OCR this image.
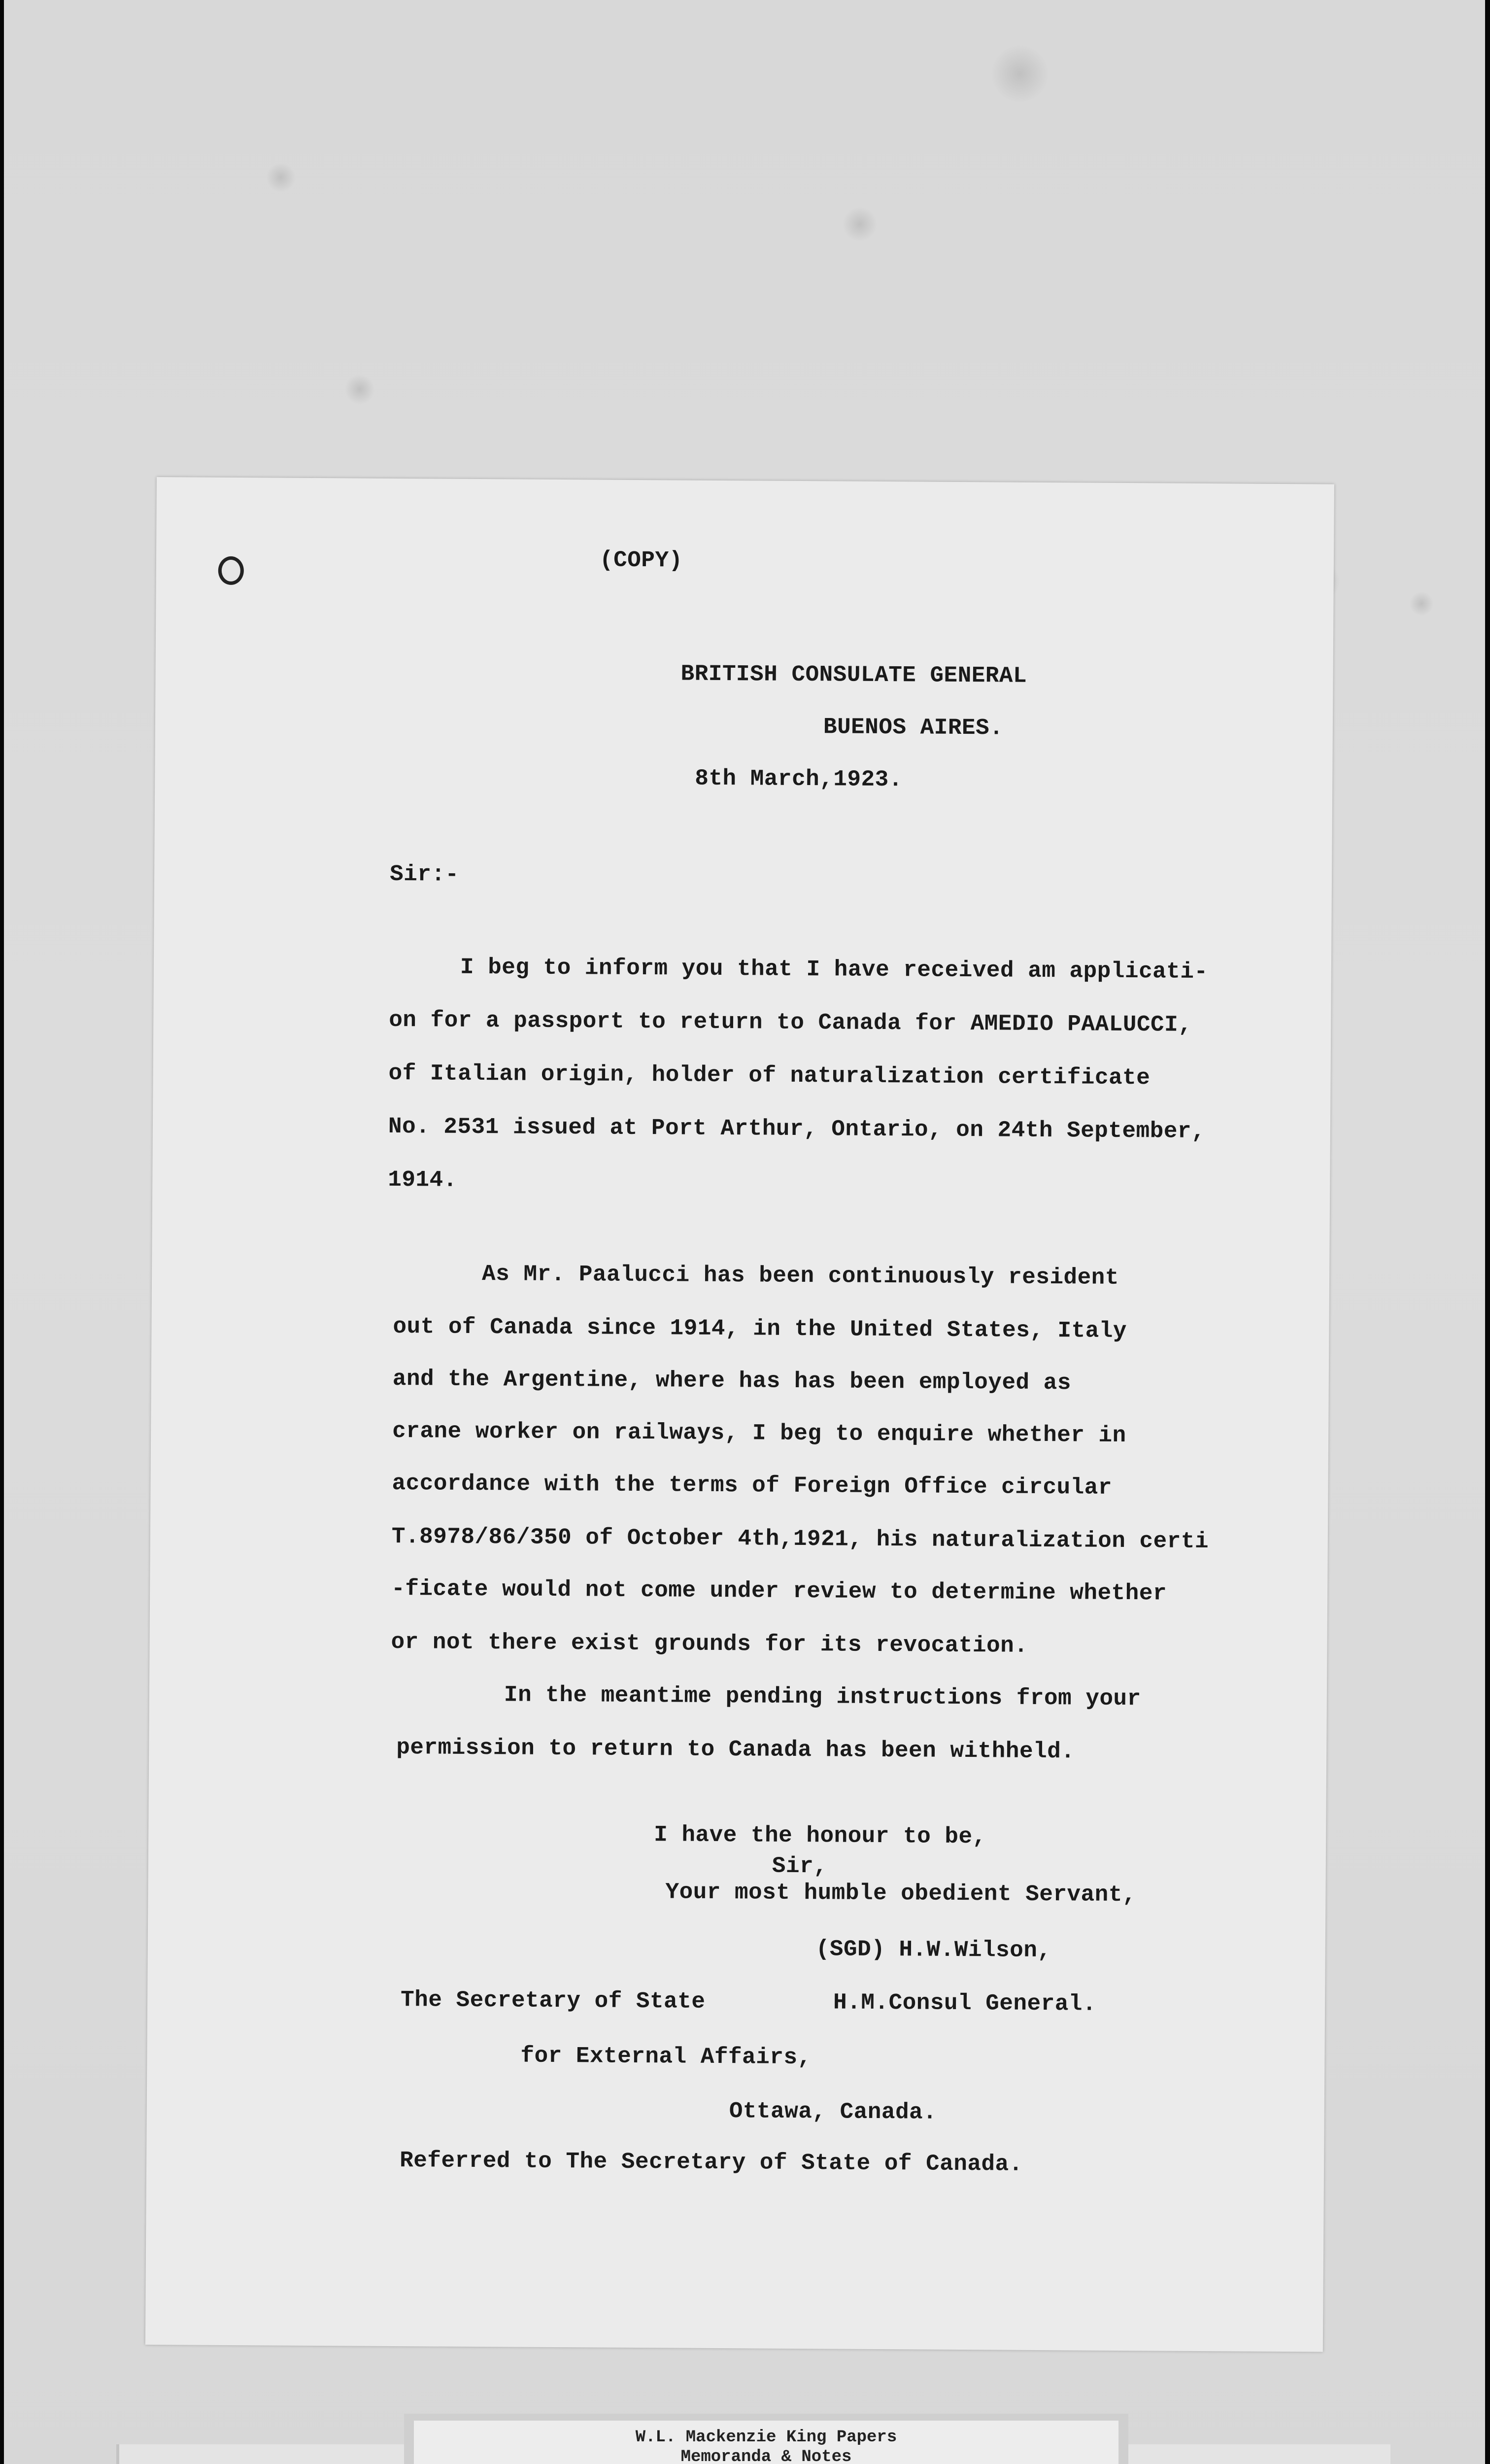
(COPY)
BRITISH CONSULATE GENERAL
BUENOS AIRES.
8th March,1923.
Sir:-
I beg to inform you that I have received am applicati-
on for a passport to return to Canada for AMEDIO PAALUCCI,
of Italian origin, holder of naturalization certificate
No. 2531 issued at Port Arthur, Ontario, on 24th September,
1914.
As Mr. Paalucci has been continuously resident
out of Canada since 1914, in the United States, Italy
and the Argentine, where has has been employed as
crane worker on railways, I beg to enquire whether in
accordance with the terms of Foreign Office circular
T.8978/86/350 of October 4th,1921, his naturalization certi
-ficate would not come under review to determine whether
or not there exist grounds for its revocation.
In the meantime pending instructions from your
permission to return to Canada has been withheld.
I have the honour to be,
Sir,
Your most humble obedient Servant,
(SGD) H.W.Wilson,
The Secretary of State	H.M.Consul General.
for External Affairs,
Ottawa, Canada.
Referred to The Secretary of State of Canada.
W.L. Mackenzie King Papers
Memoranda & Notes
